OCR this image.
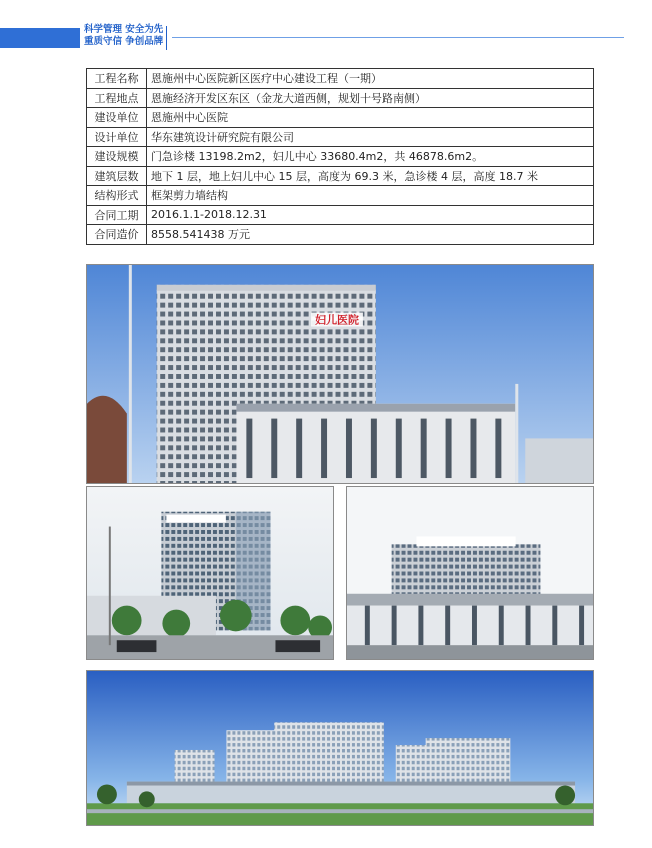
科学管理 安全为先
重质守信 争创品牌
工程名称	恩施州中心医院新区医疗中心建设工程（一期）
工程地点	恩施经济开发区东区（金龙大道西侧，规划十号路南侧）
建设单位	恩施州中心医院
设计单位	华东建筑设计研究院有限公司
建设规模	门急诊楼 13198.2m2，妇儿中心 33680.4m2，共 46878.6m2。
建筑层数	地下 1 层，地上妇儿中心 15 层，高度为 69.3 米，急诊楼 4 层，高度 18.7 米
结构形式	框架剪力墙结构
合同工期	2016.1.1-2018.12.31
合同造价	8558.541438 万元
妇儿医院
